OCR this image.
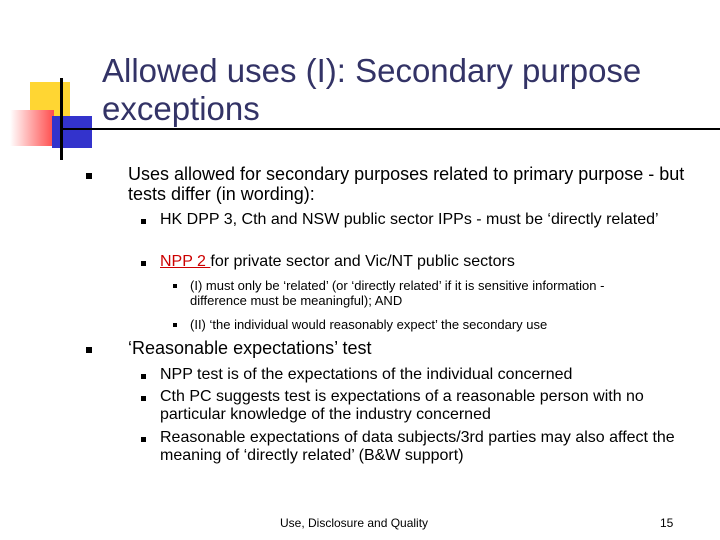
Allowed uses (I): Secondary purpose exceptions

Uses allowed for secondary purposes related to primary purpose - but tests differ (in wording):

HK DPP 3, Cth and NSW public sector IPPs - must be ‘directly related’

NPP 2 for private sector and Vic/NT public sectors

(I) must only be ‘related’ (or ‘directly related’ if it is sensitive information - difference must be meaningful); AND

(II) ‘the individual would reasonably expect’ the secondary use

‘Reasonable expectations’ test

NPP test is of the expectations of the individual concerned

Cth PC suggests test is expectations of a reasonable person with no particular knowledge of the industry concerned

Reasonable expectations of data subjects/3rd parties may also affect the meaning of ‘directly related’ (B&W support)

Use, Disclosure and Quality	15
